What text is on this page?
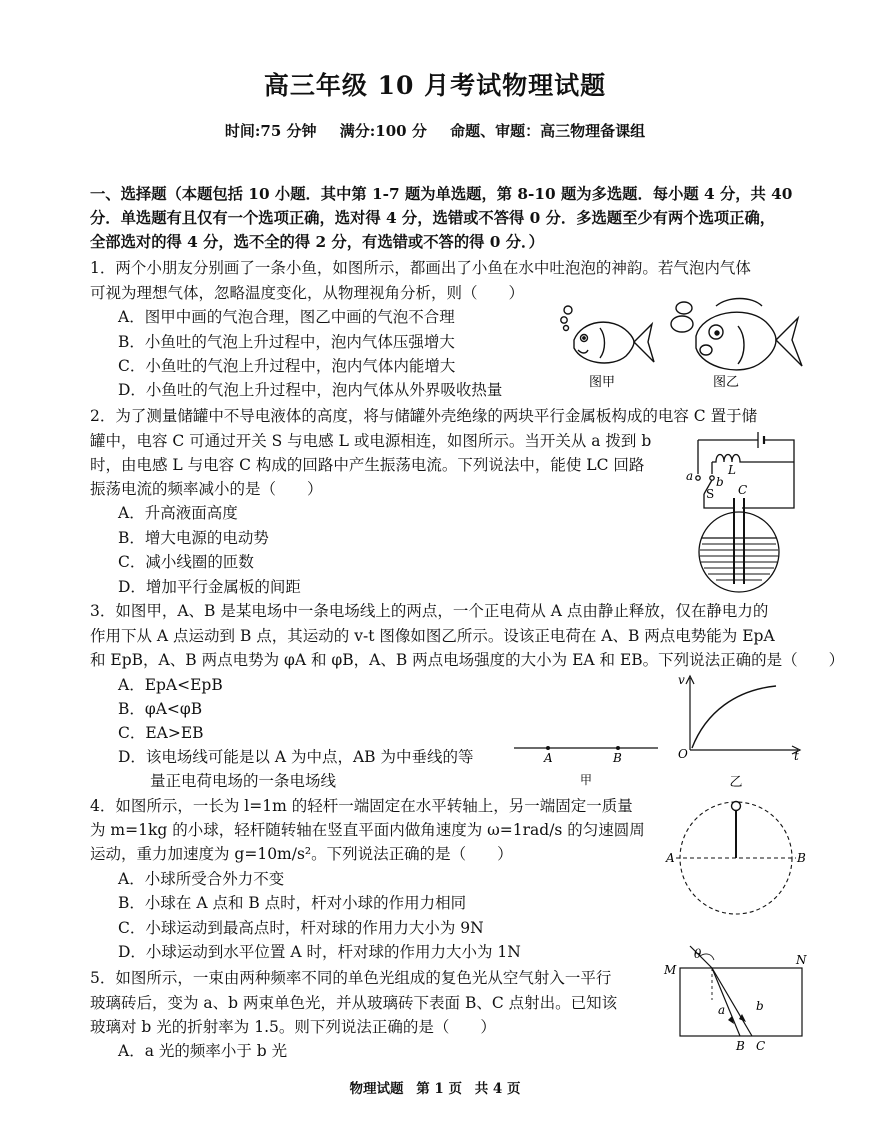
高三年级 10 月考试物理试题
时间:75 分钟 满分:100 分 命题、审题：高三物理备课组
一、选择题（本题包括 10 小题．其中第 1-7 题为单选题，第 8-10 题为多选题．每小题 4 分，共 40
分．单选题有且仅有一个选项正确，选对得 4 分，选错或不答得 0 分．多选题至少有两个选项正确，
全部选对的得 4 分，选不全的得 2 分，有选错或不答的得 0 分．）
1．两个小朋友分别画了一条小鱼，如图所示，都画出了小鱼在水中吐泡泡的神韵。若气泡内气体
可视为理想气体，忽略温度变化，从物理视角分析，则（　　）
A．图甲中画的气泡合理，图乙中画的气泡不合理
B．小鱼吐的气泡上升过程中，泡内气体压强增大
C．小鱼吐的气泡上升过程中，泡内气体内能增大
D．小鱼吐的气泡上升过程中，泡内气体从外界吸收热量	图甲	图乙
2．为了测量储罐中不导电液体的高度，将与储罐外壳绝缘的两块平行金属板构成的电容 C 置于储
罐中，电容 C 可通过开关 S 与电感 L 或电源相连，如图所示。当开关从 a 拨到 b
时，由电感 L 与电容 C 构成的回路中产生振荡电流。下列说法中，能使 LC 回路
振荡电流的频率减小的是（　　）
A．升高液面高度
B．增大电源的电动势
C．减小线圈的匝数
D．增加平行金属板的间距
a b
L
S C
3．如图甲，A、B 是某电场中一条电场线上的两点，一个正电荷从 A 点由静止释放，仅在静电力的
作用下从 A 点运动到 B 点，其运动的 v-t 图像如图乙所示。设该正电荷在 A、B 两点电势能为 EpA
和 EpB，A、B 两点电势为 φA 和 φB，A、B 两点电场强度的大小为 EA 和 EB。下列说法正确的是（　　）
A．EpA<EpB
B．φA<φB
C．EA>EB
D．该电场线可能是以 A 为中点，AB 为中垂线的等
量正电荷电场的一条电场线
A	B
甲
v
O	t
乙
4．如图所示，一长为 l=1m 的轻杆一端固定在水平转轴上，另一端固定一质量
为 m=1kg 的小球，轻杆随转轴在竖直平面内做角速度为 ω=1rad/s 的匀速圆周
运动，重力加速度为 g=10m/s²。下列说法正确的是（　　）
A．小球所受合外力不变
B．小球在 A 点和 B 点时，杆对小球的作用力相同
C．小球运动到最高点时，杆对球的作用力大小为 9N
D．小球运动到水平位置 A 时，杆对球的作用力大小为 1N
A	B
5．如图所示，一束由两种频率不同的单色光组成的复色光从空气射入一平行
玻璃砖后，变为 a、b 两束单色光，并从玻璃砖下表面 B、C 点射出。已知该
玻璃对 b 光的折射率为 1.5。则下列说法正确的是（　　）
A．a 光的频率小于 b 光
θ
M
N
a	b
B C
物理试题 第 1 页 共 4 页
